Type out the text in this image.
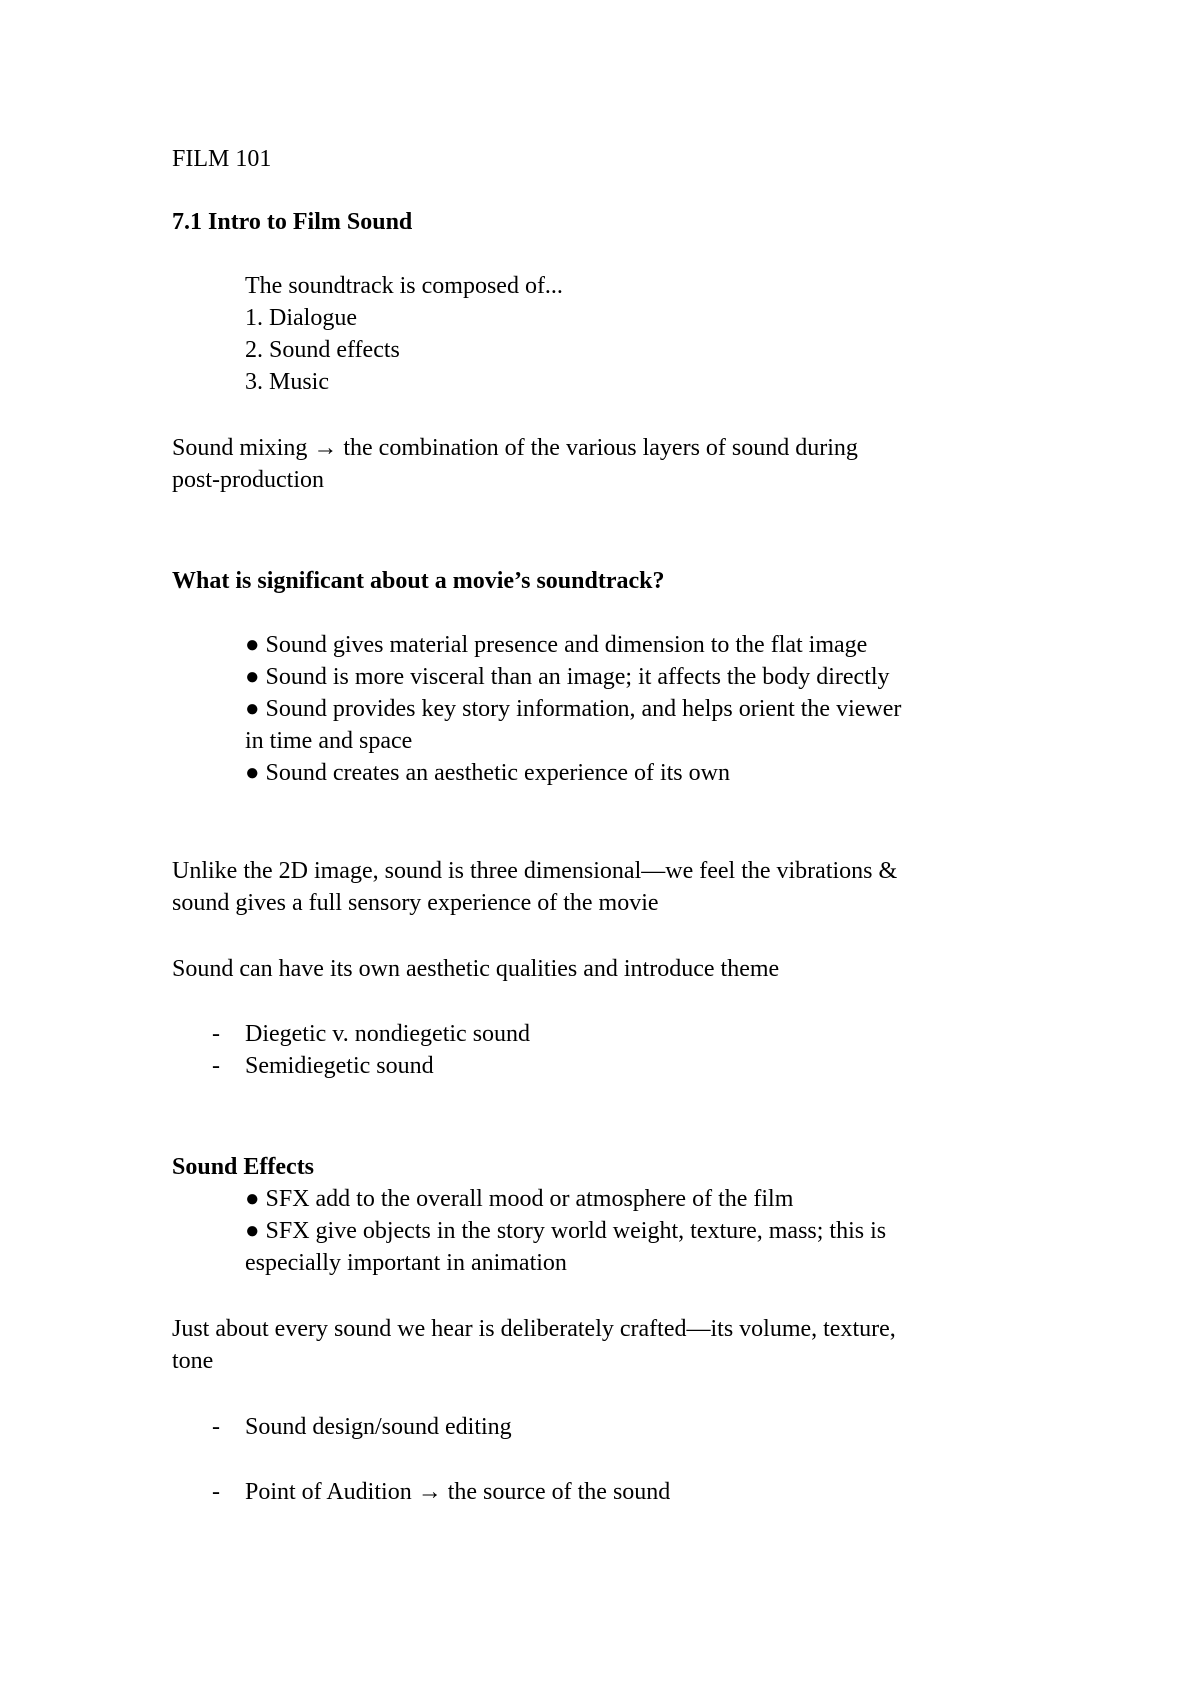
FILM 101
7.1 Intro to Film Sound
The soundtrack is composed of...
1. Dialogue
2. Sound effects
3. Music
Sound mixing → the combination of the various layers of sound during
post-production
What is significant about a movie’s soundtrack?
● Sound gives material presence and dimension to the flat image
● Sound is more visceral than an image; it affects the body directly
● Sound provides key story information, and helps orient the viewer
in time and space
● Sound creates an aesthetic experience of its own
Unlike the 2D image, sound is three dimensional—we feel the vibrations &
sound gives a full sensory experience of the movie
Sound can have its own aesthetic qualities and introduce theme
- Diegetic v. nondiegetic sound
- Semidiegetic sound
Sound Effects
● SFX add to the overall mood or atmosphere of the film
● SFX give objects in the story world weight, texture, mass; this is
especially important in animation
Just about every sound we hear is deliberately crafted—its volume, texture,
tone
- Sound design/sound editing
- Point of Audition → the source of the sound
